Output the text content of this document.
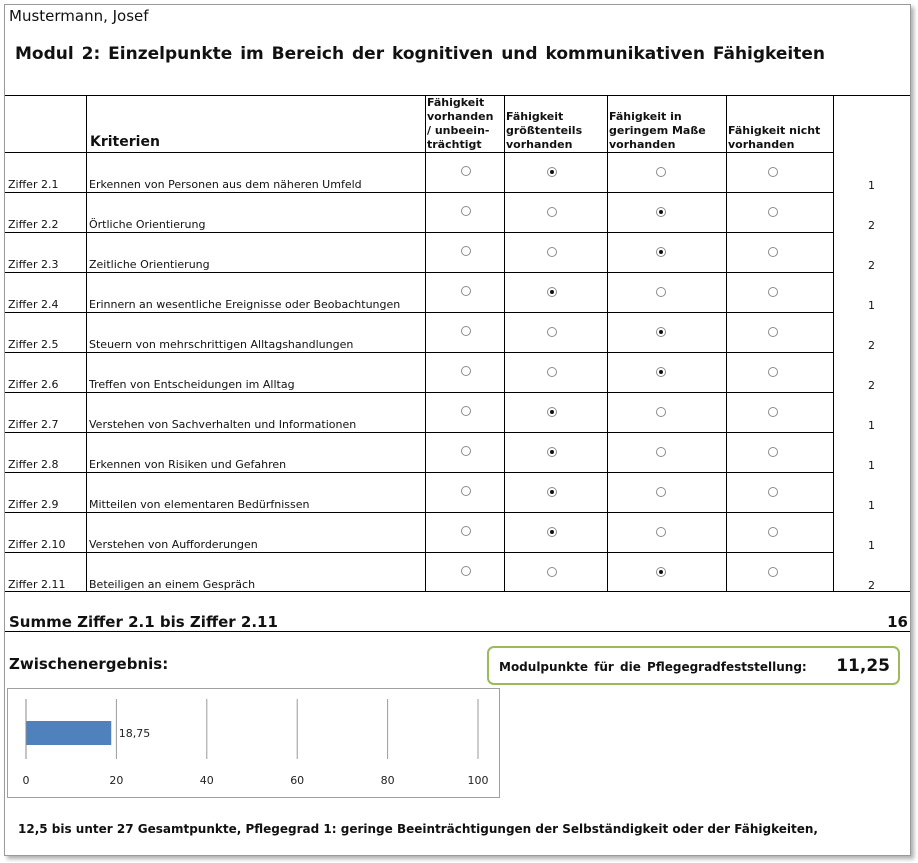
Mustermann, Josef
Modul 2: Einzelpunkte im Bereich der kognitiven und kommunikativen Fähigkeiten
Kriterien
Fähigkeit
vorhanden
/ unbeein-
trächtigt
Fähigkeit
größtenteils
vorhanden
Fähigkeit in
geringem Maße
vorhanden
Fähigkeit nicht
vorhanden
Ziffer 2.1	Erkennen von Personen aus dem näheren Umfeld	1
Ziffer 2.2	Örtliche Orientierung	2
Ziffer 2.3	Zeitliche Orientierung	2
Ziffer 2.4	Erinnern an wesentliche Ereignisse oder Beobachtungen	1
Ziffer 2.5	Steuern von mehrschrittigen Alltagshandlungen	2
Ziffer 2.6	Treffen von Entscheidungen im Alltag	2
Ziffer 2.7	Verstehen von Sachverhalten und Informationen	1
Ziffer 2.8	Erkennen von Risiken und Gefahren	1
Ziffer 2.9	Mitteilen von elementaren Bedürfnissen	1
Ziffer 2.10 Verstehen von Aufforderungen	1
Ziffer 2.11 Beteiligen an einem Gespräch	2
Summe Ziffer 2.1 bis Ziffer 2.11	16
Zwischenergebnis:	Modulpunkte für die Pflegegradfeststellung: 11,25
0	20	40	60	80	100
18,75
12,5 bis unter 27 Gesamtpunkte, Pflegegrad 1: geringe Beeinträchtigungen der Selbständigkeit oder der Fähigkeiten,
